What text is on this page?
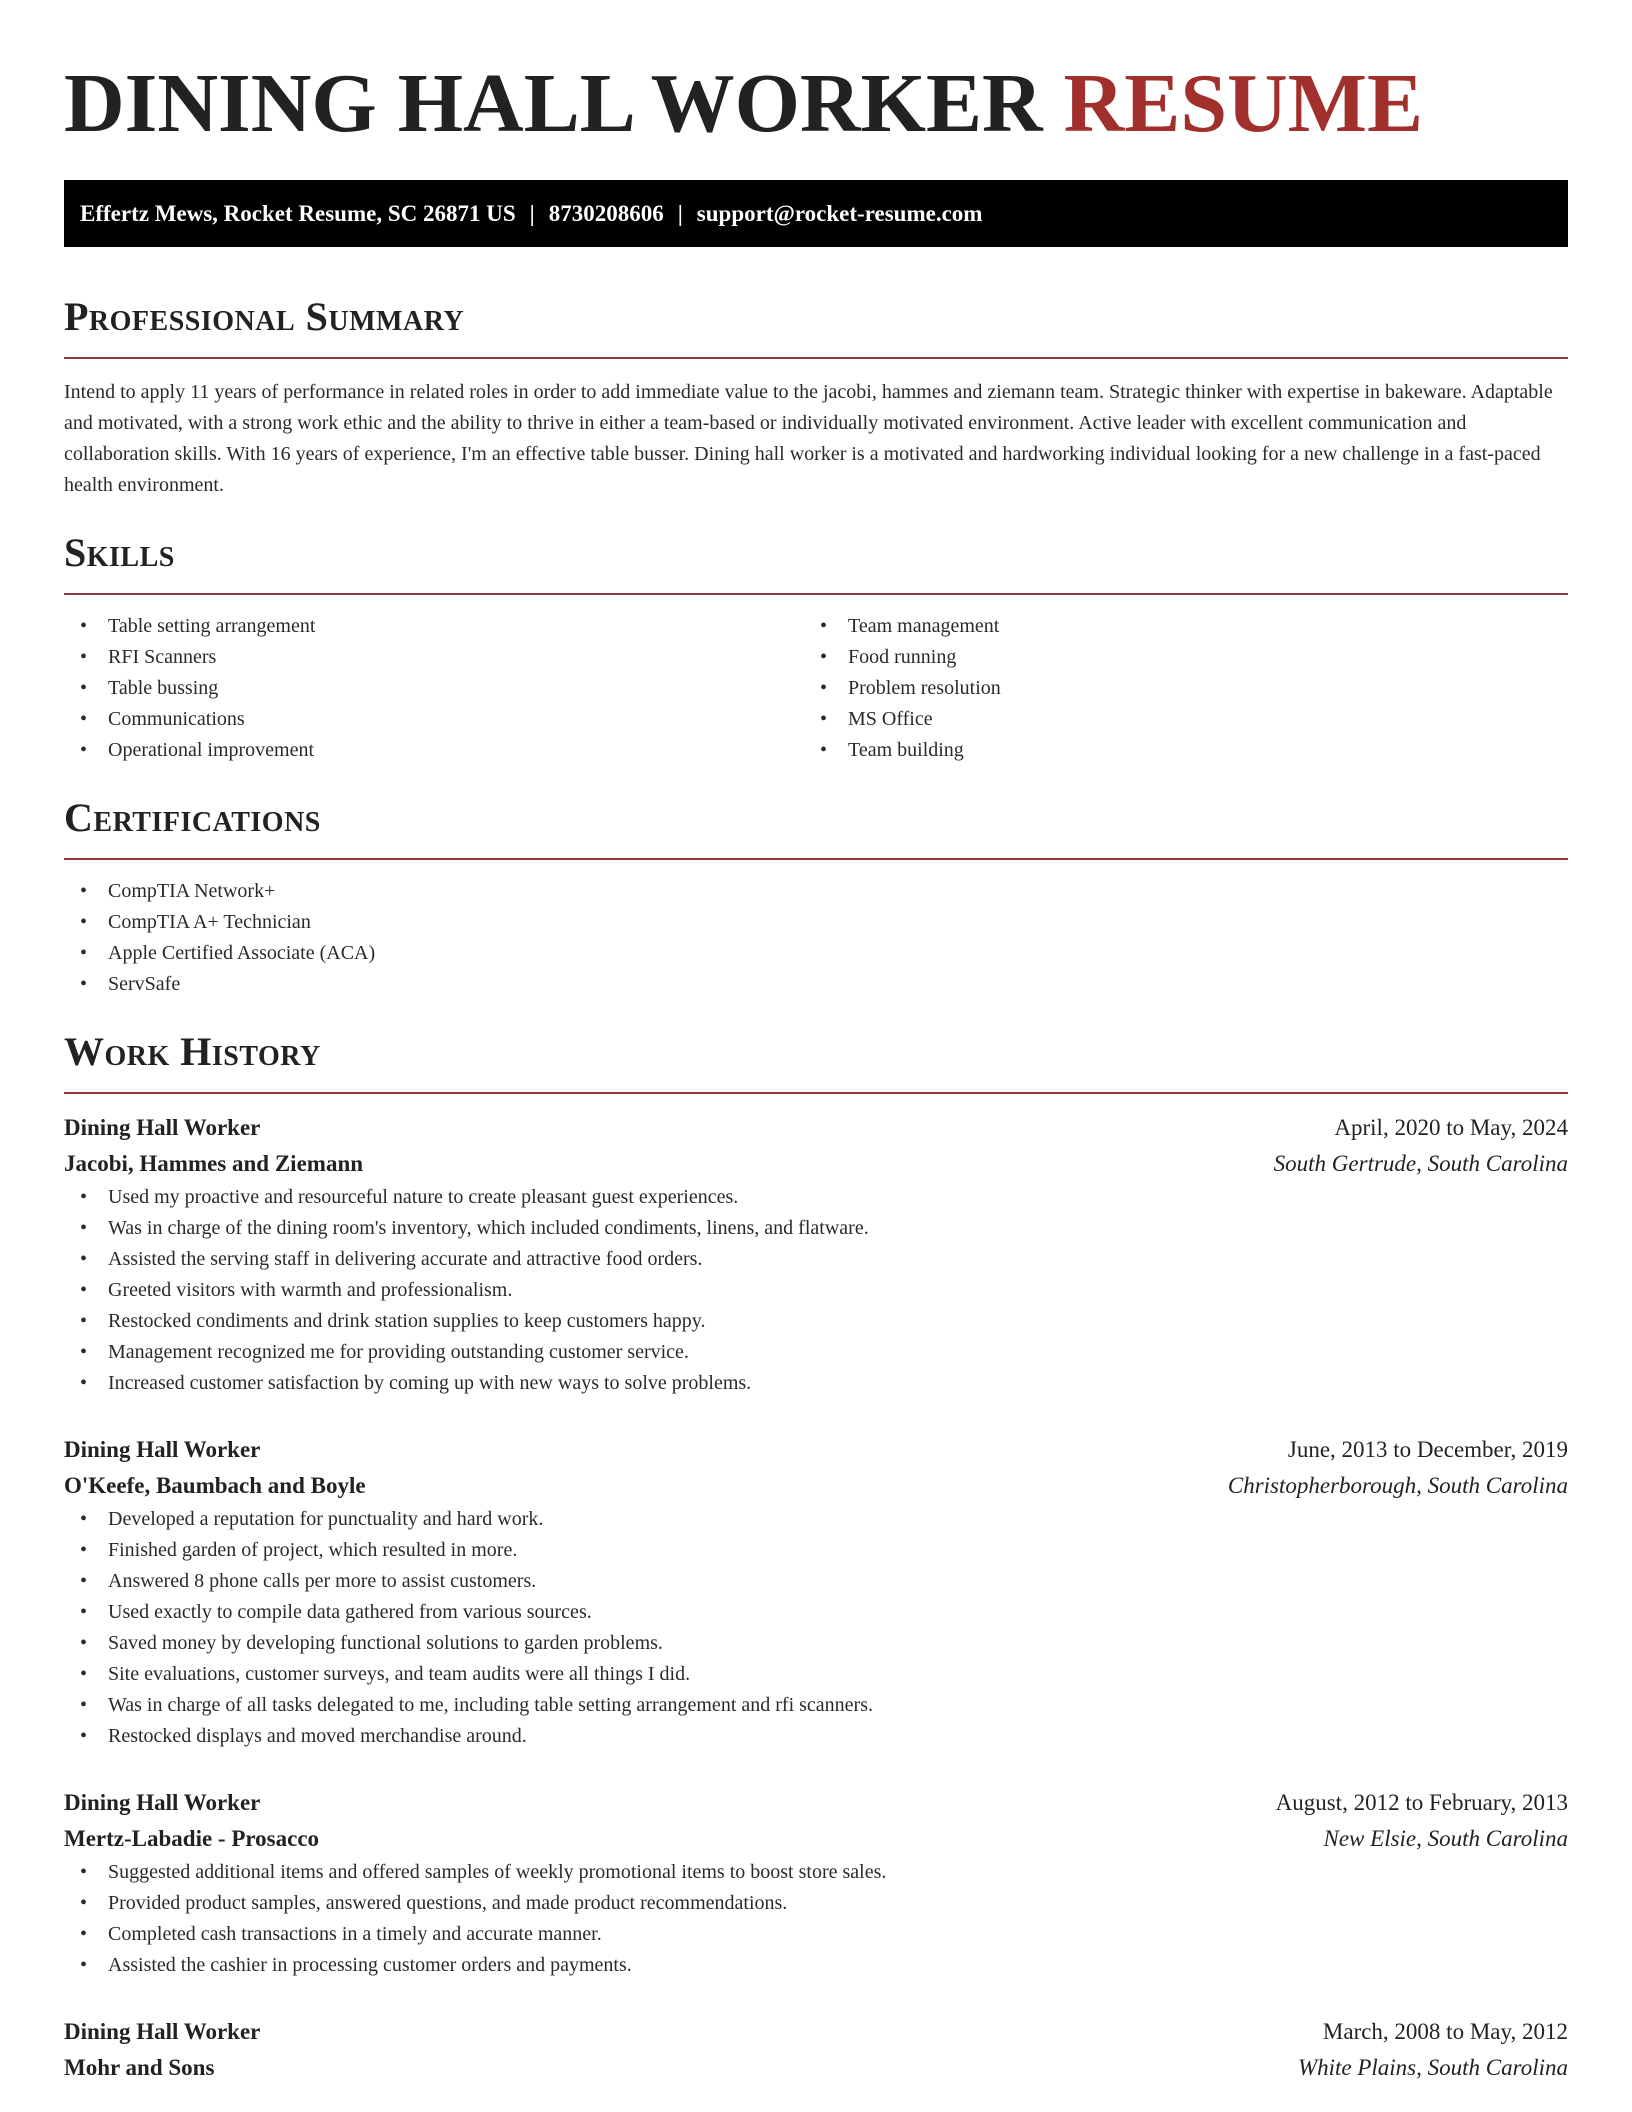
DINING HALL WORKER RESUME
Effertz Mews, Rocket Resume, SC 26871 US | 8730208606 | support@rocket-resume.com
Professional Summary

Intend to apply 11 years of performance in related roles in order to add immediate value to the jacobi, hammes and ziemann team. Strategic thinker with expertise in bakeware. Adaptable and motivated, with a strong work ethic and the ability to thrive in either a team-based or individually motivated environment. Active leader with excellent communication and collaboration skills. With 16 years of experience, I'm an effective table busser. Dining hall worker is a motivated and hardworking individual looking for a new challenge in a fast-paced health environment.

Skills
• Table setting arrangement
• RFI Scanners
• Table bussing
• Communications
• Operational improvement
• Team management
• Food running
• Problem resolution
• MS Office
• Team building
Certifications
• CompTIA Network+
• CompTIA A+ Technician
• Apple Certified Associate (ACA)
• ServSafe
Work History
Dining Hall Worker	April, 2020 to May, 2024
Jacobi, Hammes and Ziemann	South Gertrude, South Carolina
• Used my proactive and resourceful nature to create pleasant guest experiences.
• Was in charge of the dining room's inventory, which included condiments, linens, and flatware.
• Assisted the serving staff in delivering accurate and attractive food orders.
• Greeted visitors with warmth and professionalism.
• Restocked condiments and drink station supplies to keep customers happy.
• Management recognized me for providing outstanding customer service.
• Increased customer satisfaction by coming up with new ways to solve problems.
Dining Hall Worker	June, 2013 to December, 2019
O'Keefe, Baumbach and Boyle	Christopherborough, South Carolina
• Developed a reputation for punctuality and hard work.
• Finished garden of project, which resulted in more.
• Answered 8 phone calls per more to assist customers.
• Used exactly to compile data gathered from various sources.
• Saved money by developing functional solutions to garden problems.
• Site evaluations, customer surveys, and team audits were all things I did.
• Was in charge of all tasks delegated to me, including table setting arrangement and rfi scanners.
• Restocked displays and moved merchandise around.
Dining Hall Worker	August, 2012 to February, 2013
Mertz-Labadie - Prosacco	New Elsie, South Carolina
• Suggested additional items and offered samples of weekly promotional items to boost store sales.
• Provided product samples, answered questions, and made product recommendations.
• Completed cash transactions in a timely and accurate manner.
• Assisted the cashier in processing customer orders and payments.
Dining Hall Worker	March, 2008 to May, 2012
Mohr and Sons	White Plains, South Carolina
